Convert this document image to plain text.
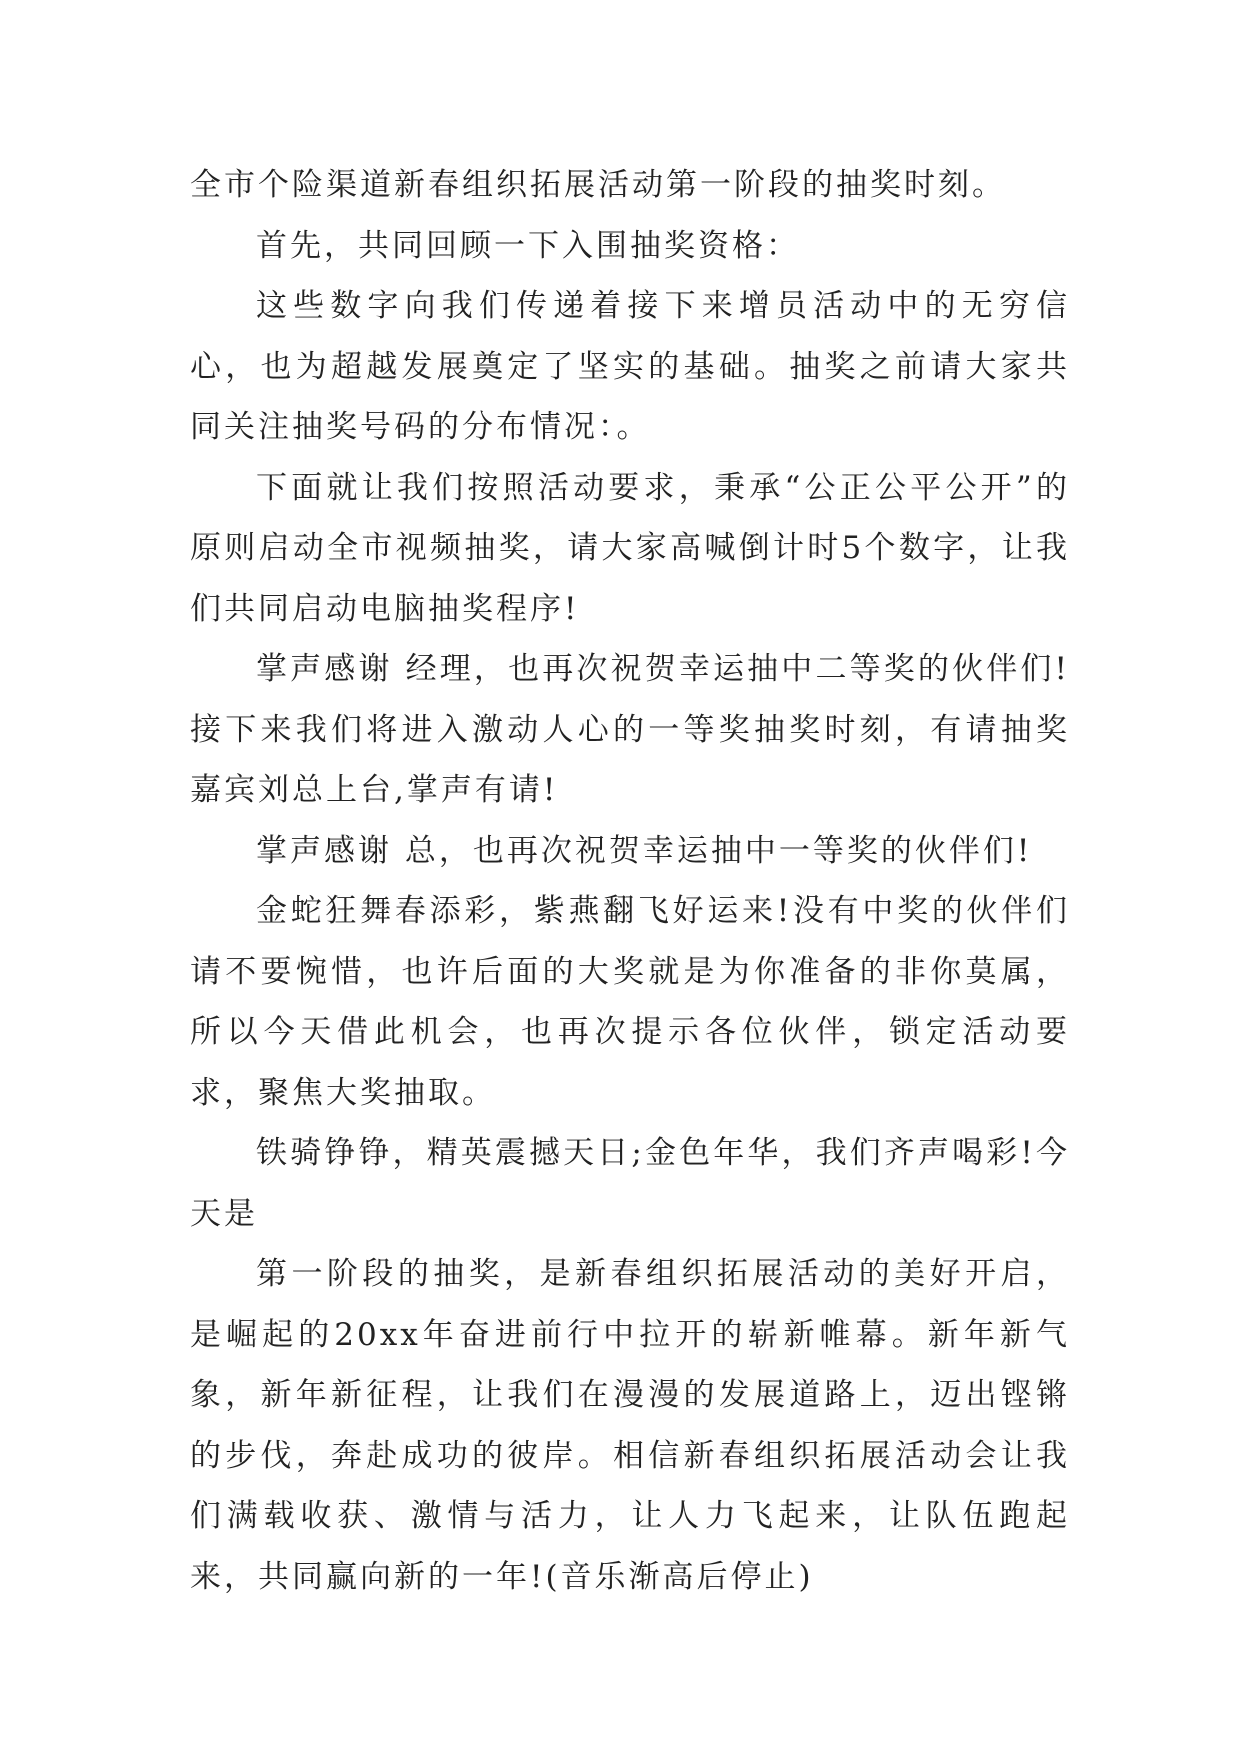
全市个险渠道新春组织拓展活动第一阶段的抽奖时刻。

首先，共同回顾一下入围抽奖资格：

这些数字向我们传递着接下来增员活动中的无穷信心，也为超越发展奠定了坚实的基础。抽奖之前请大家共同关注抽奖号码的分布情况：。

下面就让我们按照活动要求，秉承“公正公平公开”的原则启动全市视频抽奖，请大家高喊倒计时5个数字，让我们共同启动电脑抽奖程序!

掌声感谢 经理，也再次祝贺幸运抽中二等奖的伙伴们!接下来我们将进入激动人心的一等奖抽奖时刻，有请抽奖嘉宾刘总上台,掌声有请!

掌声感谢 总，也再次祝贺幸运抽中一等奖的伙伴们!

金蛇狂舞春添彩，紫燕翻飞好运来!没有中奖的伙伴们请不要惋惜，也许后面的大奖就是为你准备的非你莫属，所以今天借此机会，也再次提示各位伙伴，锁定活动要求，聚焦大奖抽取。

铁骑铮铮，精英震撼天日;金色年华，我们齐声喝彩!今天是

第一阶段的抽奖，是新春组织拓展活动的美好开启，是崛起的20xx年奋进前行中拉开的崭新帷幕。新年新气象，新年新征程，让我们在漫漫的发展道路上，迈出铿锵的步伐，奔赴成功的彼岸。相信新春组织拓展活动会让我们满载收获、激情与活力，让人力飞起来，让队伍跑起来，共同赢向新的一年!(音乐渐高后停止)
